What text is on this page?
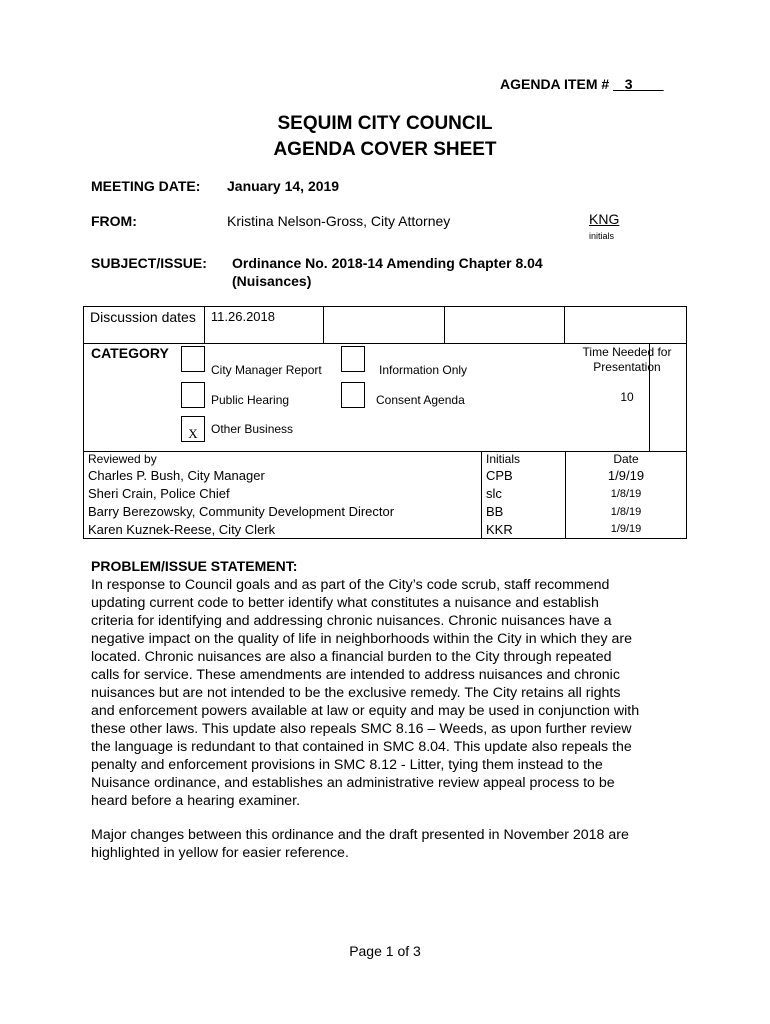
AGENDA ITEM # 3
SEQUIM CITY COUNCIL
AGENDA COVER SHEET
MEETING DATE: January 14, 2019
FROM:	Kristina Nelson-Gross, City Attorney	KNG
initials
SUBJECT/ISSUE: Ordinance No. 2018-14 Amending Chapter 8.04
(Nuisances)
Discussion dates	11.26.2018			
CATEGORY
City Manager Report	Information Only
Public Hearing	Consent Agenda
X	Other Business
Time Needed for Presentation
10
Reviewed by	Initials	Date
Charles P. Bush, City Manager	CPB	1/9/19
Sheri Crain, Police Chief	slc	1/8/19
Barry Berezowsky, Community Development Director	BB	1/8/19
Karen Kuznek-Reese, City Clerk	KKR	1/9/19
PROBLEM/ISSUE STATEMENT:
In response to Council goals and as part of the City’s code scrub, staff recommend
updating current code to better identify what constitutes a nuisance and establish
criteria for identifying and addressing chronic nuisances. Chronic nuisances have a
negative impact on the quality of life in neighborhoods within the City in which they are
located. Chronic nuisances are also a financial burden to the City through repeated
calls for service. These amendments are intended to address nuisances and chronic
nuisances but are not intended to be the exclusive remedy. The City retains all rights
and enforcement powers available at law or equity and may be used in conjunction with
these other laws. This update also repeals SMC 8.16 – Weeds, as upon further review
the language is redundant to that contained in SMC 8.04. This update also repeals the
penalty and enforcement provisions in SMC 8.12 - Litter, tying them instead to the
Nuisance ordinance, and establishes an administrative review appeal process to be
heard before a hearing examiner.
Major changes between this ordinance and the draft presented in November 2018 are
highlighted in yellow for easier reference.
Page 1 of 3
